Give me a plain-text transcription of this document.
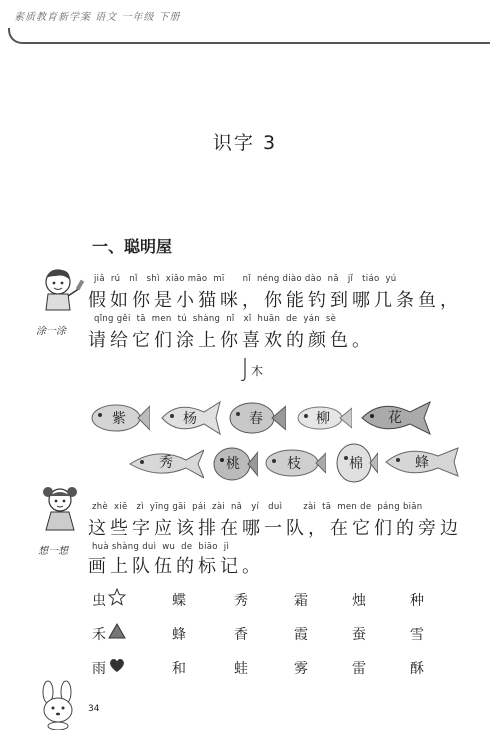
素质教育新学案 语文 一年级 下册
识字 3
一、聪明屋
涂一涂
jiǎ  rú   nǐ   shì  xiǎo māo  mī      nǐ  néng diào dào  nǎ   jǐ   tiáo  yú
假如你是小猫咪，你能钓到哪几条鱼，
qǐng gěi  tā  men  tú  shàng  nǐ   xǐ  huān  de  yán  sè
请给它们涂上你喜欢的颜色。
木
紫	杨	春	柳	花
秀	桃	枝	棉	蜂
想一想
zhè  xiē   zì  yīng gāi  pái  zài  nǎ   yí   duì       zài  tā  men de  páng biān
这些字应该排在哪一队，在它们的旁边
huà shàng duì  wu  de  biāo  jì
画上队伍的标记。
虫	蝶	秀	霜	烛	种
禾	蜂	香	霞	蚕	雪
雨	和	蛙	雾	雷	酥
34
